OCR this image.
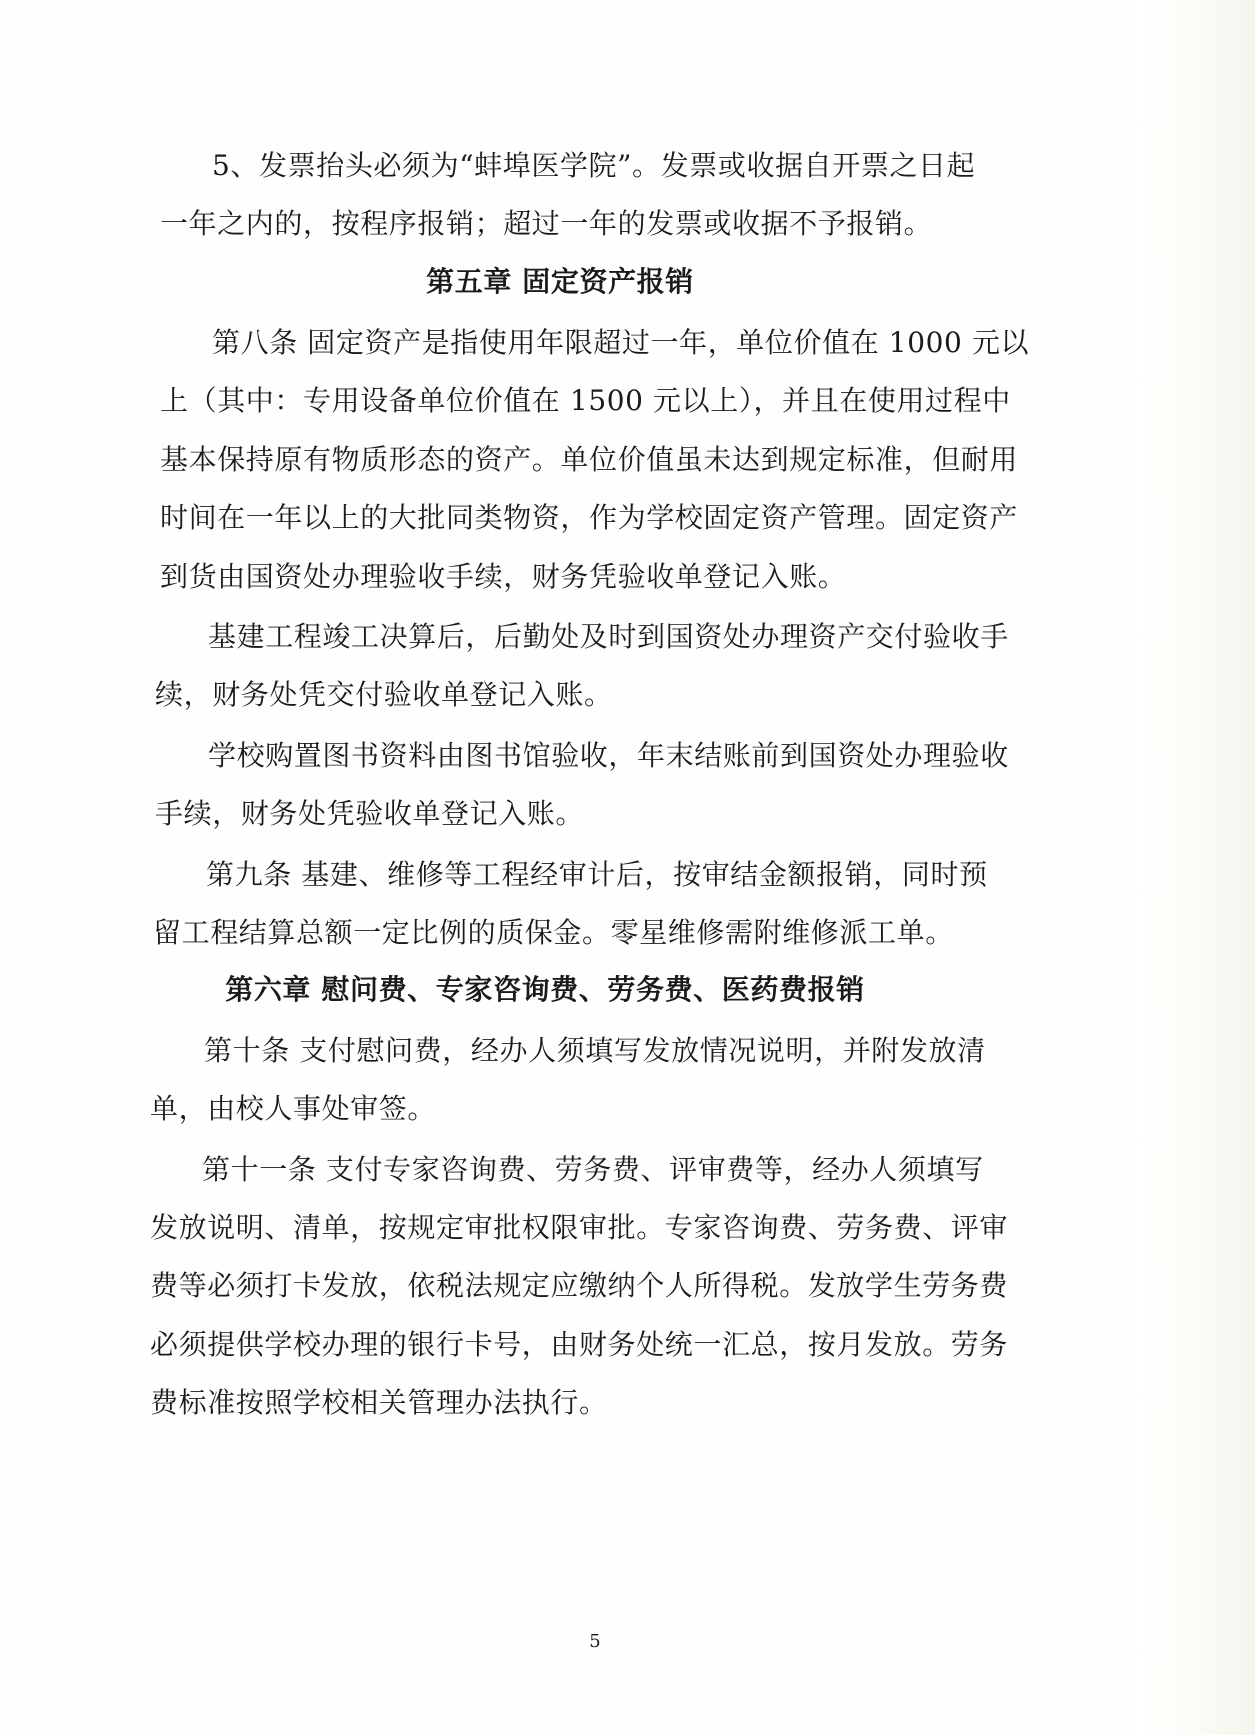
5、发票抬头必须为“蚌埠医学院”。发票或收据自开票之日起
一年之内的，按程序报销；超过一年的发票或收据不予报销。
第五章 固定资产报销
第八条 固定资产是指使用年限超过一年，单位价值在 1000 元以
上（其中：专用设备单位价值在 1500 元以上），并且在使用过程中
基本保持原有物质形态的资产。单位价值虽未达到规定标准，但耐用
时间在一年以上的大批同类物资，作为学校固定资产管理。固定资产
到货由国资处办理验收手续，财务凭验收单登记入账。
基建工程竣工决算后，后勤处及时到国资处办理资产交付验收手
续，财务处凭交付验收单登记入账。
学校购置图书资料由图书馆验收，年末结账前到国资处办理验收
手续，财务处凭验收单登记入账。
第九条 基建、维修等工程经审计后，按审结金额报销，同时预
留工程结算总额一定比例的质保金。零星维修需附维修派工单。
第六章 慰问费、专家咨询费、劳务费、医药费报销
第十条 支付慰问费，经办人须填写发放情况说明，并附发放清
单，由校人事处审签。
第十一条 支付专家咨询费、劳务费、评审费等，经办人须填写
发放说明、清单，按规定审批权限审批。专家咨询费、劳务费、评审
费等必须打卡发放，依税法规定应缴纳个人所得税。发放学生劳务费
必须提供学校办理的银行卡号，由财务处统一汇总，按月发放。劳务
费标准按照学校相关管理办法执行。
5
